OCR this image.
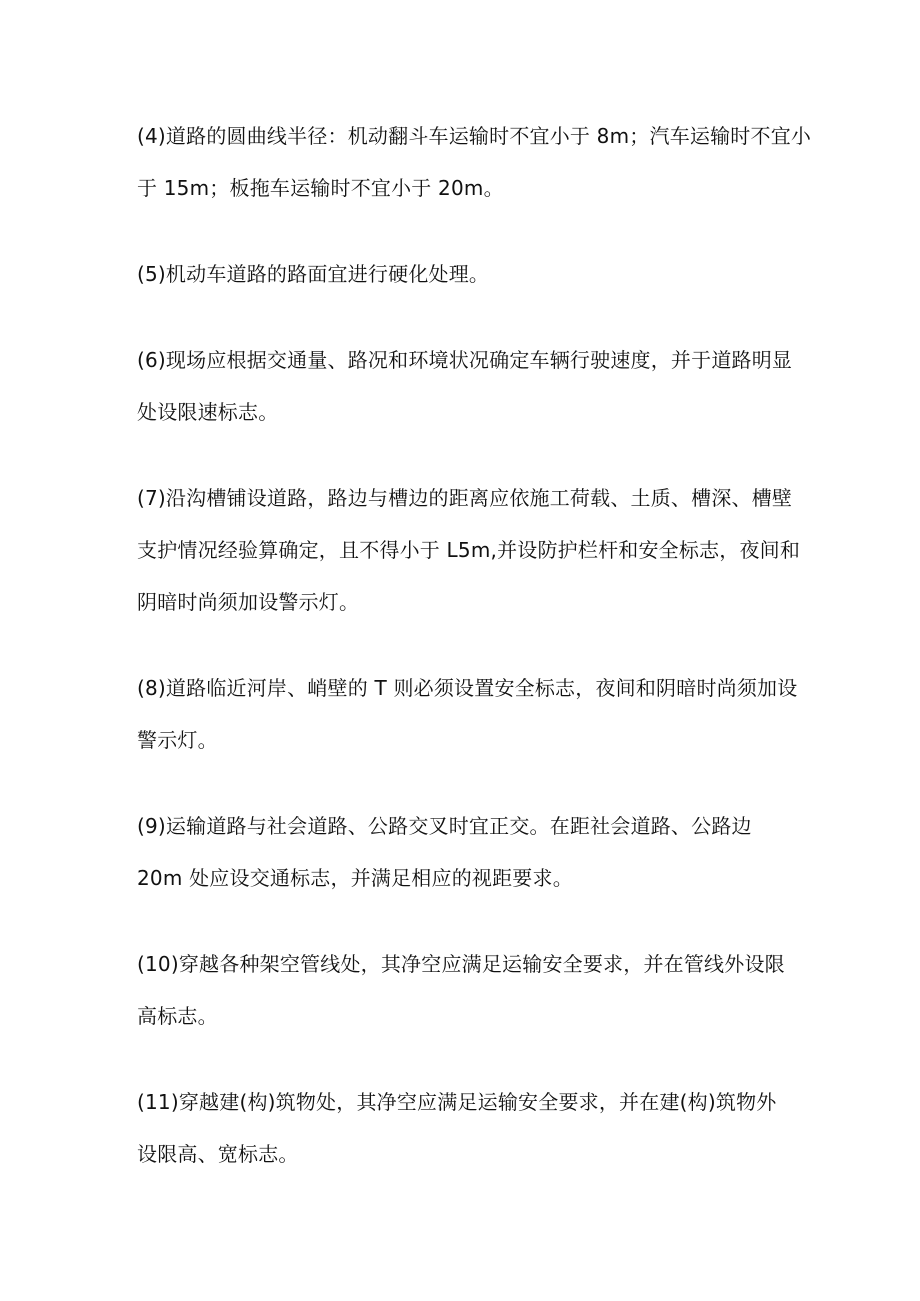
(4)道路的圆曲线半径：机动翻斗车运输时不宜小于 8m；汽车运输时不宜小
于 15m；板拖车运输时不宜小于 20m。
(5)机动车道路的路面宜进行硬化处理。
(6)现场应根据交通量、路况和环境状况确定车辆行驶速度，并于道路明显
处设限速标志。
(7)沿沟槽铺设道路，路边与槽边的距离应依施工荷载、土质、槽深、槽壁
支护情况经验算确定，且不得小于 L5m,并设防护栏杆和安全标志，夜间和
阴暗时尚须加设警示灯。
(8)道路临近河岸、峭壁的 T 则必须设置安全标志，夜间和阴暗时尚须加设
警示灯。
(9)运输道路与社会道路、公路交叉时宜正交。在距社会道路、公路边
20m 处应设交通标志，并满足相应的视距要求。
(10)穿越各种架空管线处，其净空应满足运输安全要求，并在管线外设限
高标志。
(11)穿越建(构)筑物处，其净空应满足运输安全要求，并在建(构)筑物外
设限高、宽标志。
